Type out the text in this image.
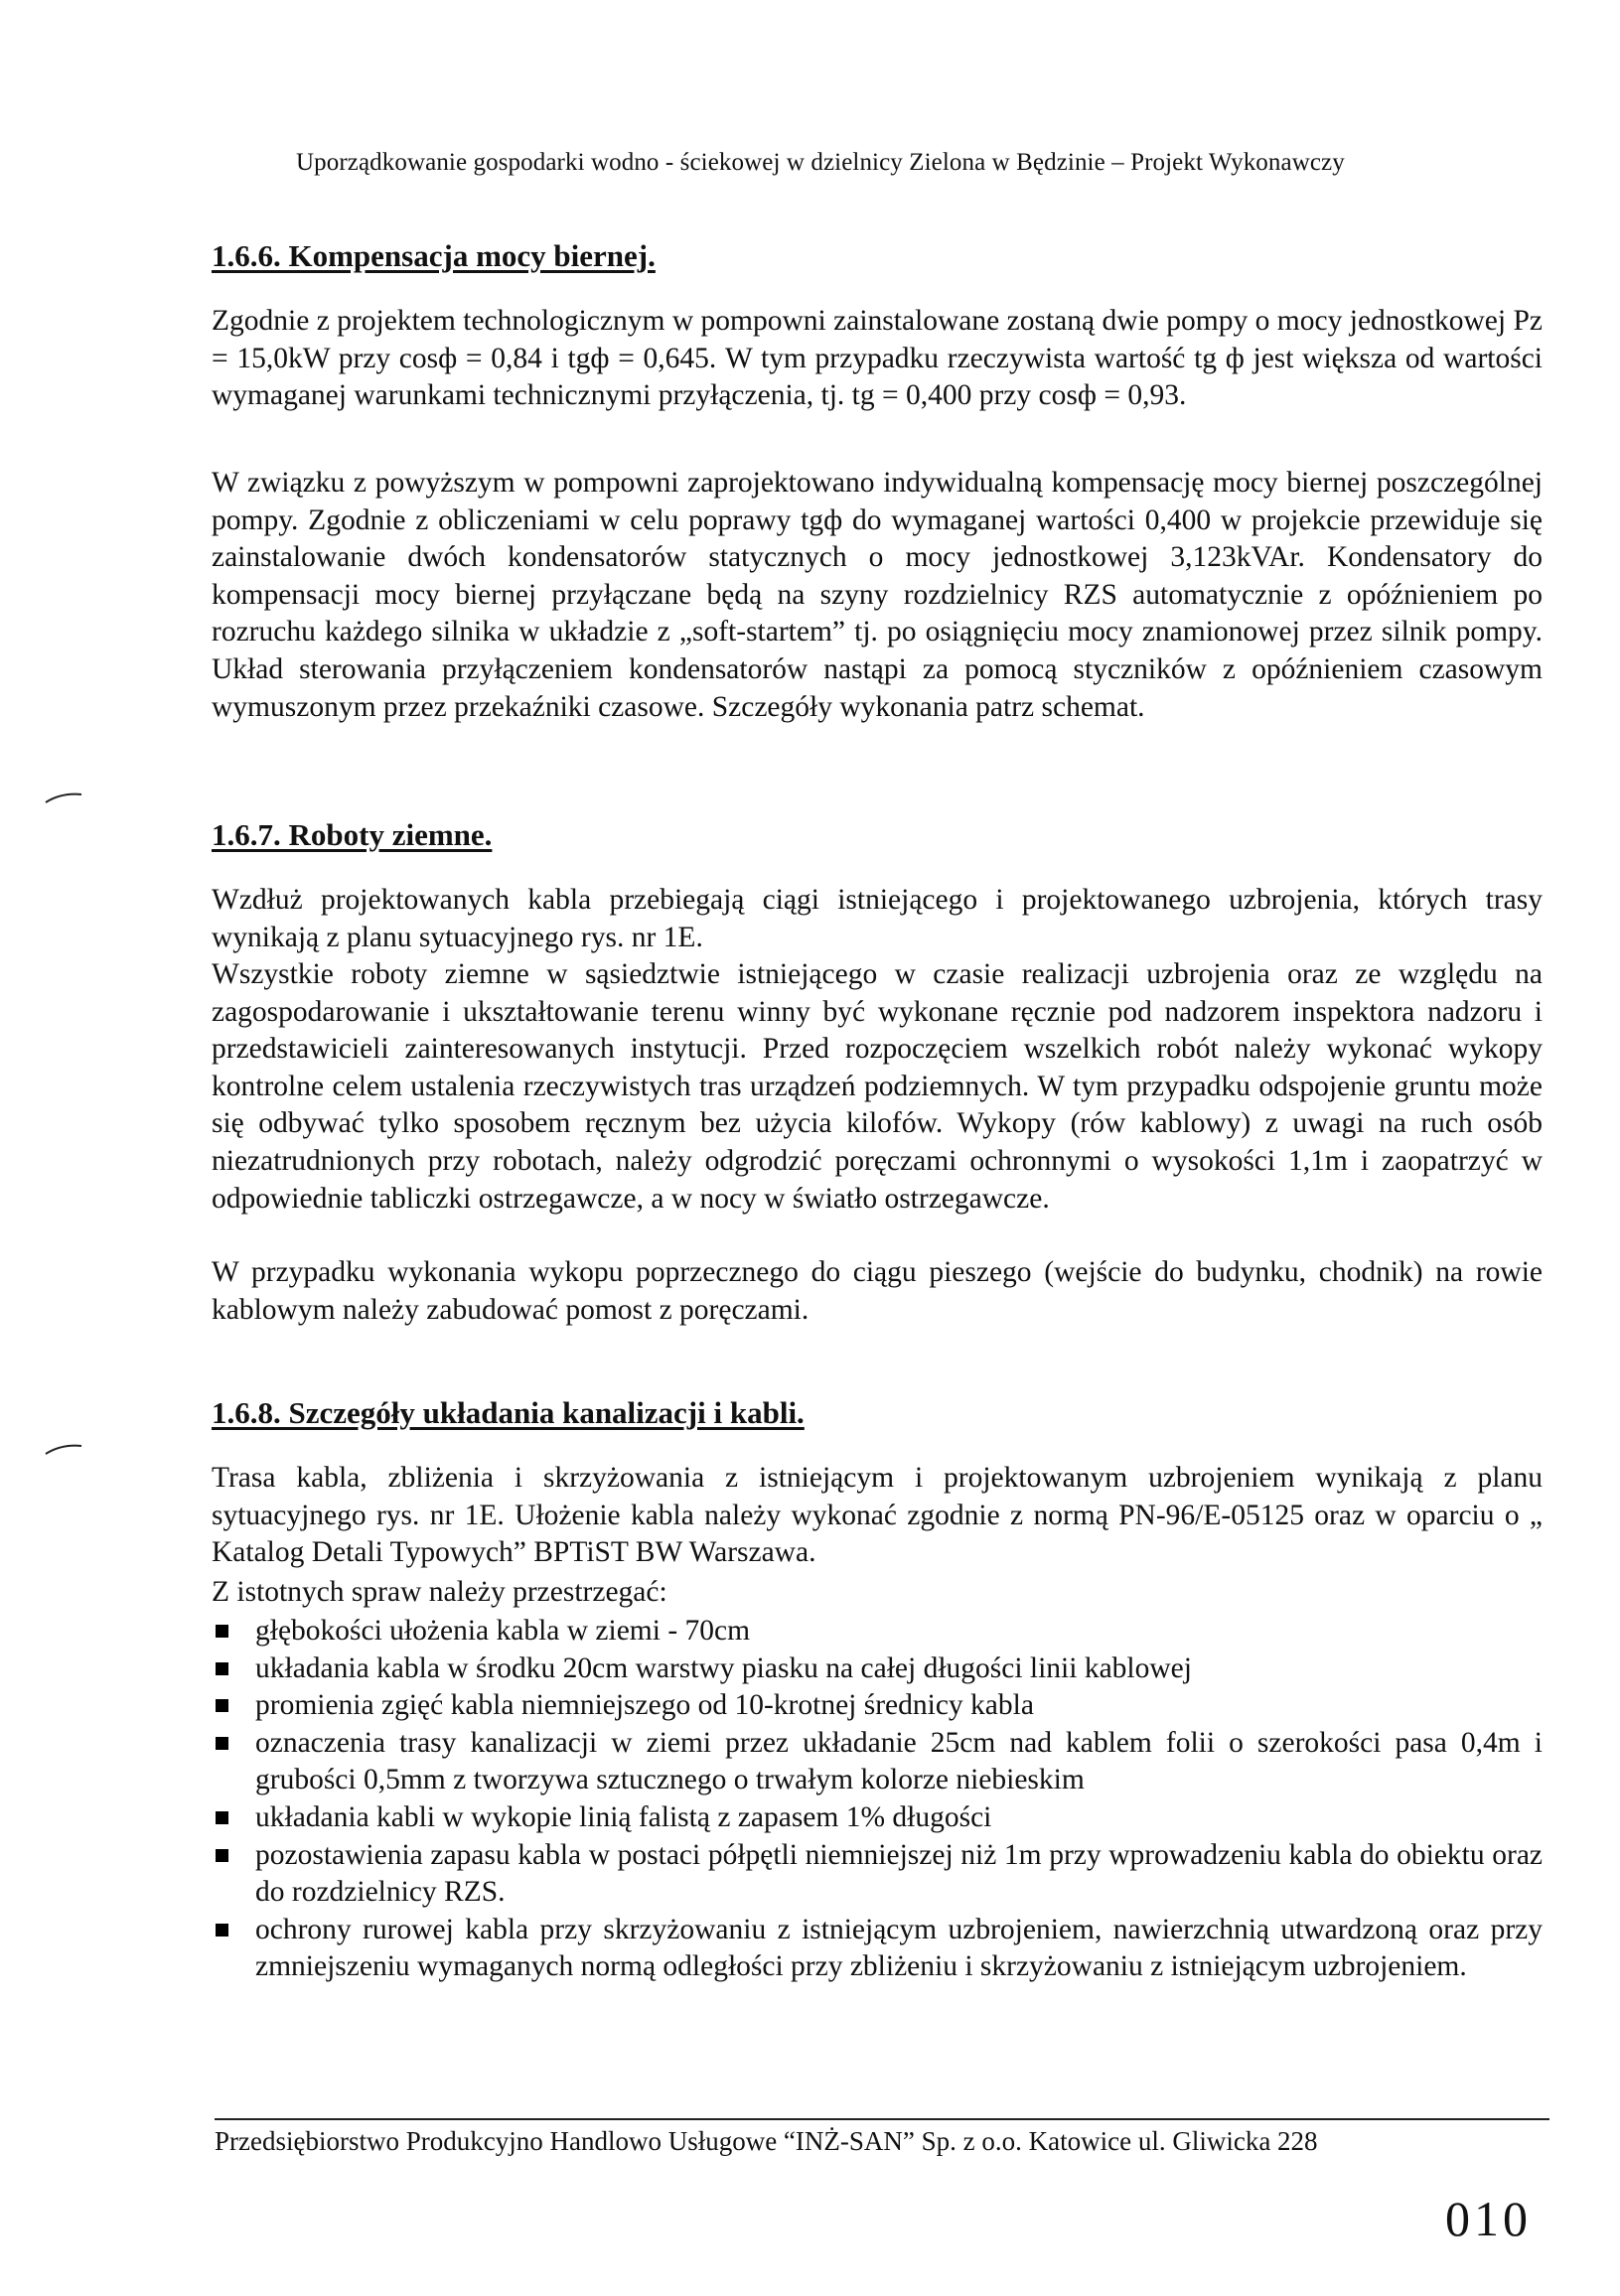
Uporządkowanie gospodarki wodno - ściekowej w dzielnicy Zielona w Będzinie – Projekt Wykonawczy
1.6.6. Kompensacja mocy biernej.
Zgodnie z projektem technologicznym w pompowni zainstalowane zostaną dwie pompy o mocy jednostkowej Pz = 15,0kW przy cosф = 0,84 i tgф = 0,645. W tym przypadku rzeczywista wartość tg ф jest większa od wartości wymaganej warunkami technicznymi przyłączenia, tj. tg = 0,400 przy cosф = 0,93.
W związku z powyższym w pompowni zaprojektowano indywidualną kompensację mocy biernej poszczególnej pompy. Zgodnie z obliczeniami w celu poprawy tgф do wymaganej wartości 0,400 w projekcie przewiduje się zainstalowanie dwóch kondensatorów statycznych o mocy jednostkowej 3,123kVAr. Kondensatory do kompensacji mocy biernej przyłączane będą na szyny rozdzielnicy RZS automatycznie z opóźnieniem po rozruchu każdego silnika w układzie z „soft-startem” tj. po osiągnięciu mocy znamionowej przez silnik pompy. Układ sterowania przyłączeniem kondensatorów nastąpi za pomocą styczników z opóźnieniem czasowym wymuszonym przez przekaźniki czasowe. Szczegóły wykonania patrz schemat.
1.6.7. Roboty ziemne.
Wzdłuż projektowanych kabla przebiegają ciągi istniejącego i projektowanego uzbrojenia, których trasy wynikają z planu sytuacyjnego rys. nr 1E.
Wszystkie roboty ziemne w sąsiedztwie istniejącego w czasie realizacji uzbrojenia oraz ze względu na zagospodarowanie i ukształtowanie terenu winny być wykonane ręcznie pod nadzorem inspektora nadzoru i przedstawicieli zainteresowanych instytucji. Przed rozpoczęciem wszelkich robót należy wykonać wykopy kontrolne celem ustalenia rzeczywistych tras urządzeń podziemnych. W tym przypadku odspojenie gruntu może się odbywać tylko sposobem ręcznym bez użycia kilofów. Wykopy (rów kablowy) z uwagi na ruch osób niezatrudnionych przy robotach, należy odgrodzić poręczami ochronnymi o wysokości 1,1m i zaopatrzyć w odpowiednie tabliczki ostrzegawcze, a w nocy w światło ostrzegawcze.
W przypadku wykonania wykopu poprzecznego do ciągu pieszego (wejście do budynku, chodnik) na rowie kablowym należy zabudować pomost z poręczami.
1.6.8. Szczegóły układania kanalizacji i kabli.
Trasa kabla, zbliżenia i skrzyżowania z istniejącym i projektowanym uzbrojeniem wynikają z planu sytuacyjnego rys. nr 1E. Ułożenie kabla należy wykonać zgodnie z normą PN-96/E-05125 oraz w oparciu o „ Katalog Detali Typowych” BPTiST BW Warszawa.
Z istotnych spraw należy przestrzegać:
głębokości ułożenia kabla w ziemi - 70cm
układania kabla w środku 20cm warstwy piasku na całej długości linii kablowej
promienia zgięć kabla niemniejszego od 10-krotnej średnicy kabla
oznaczenia trasy kanalizacji w ziemi przez układanie 25cm nad kablem folii o szerokości pasa 0,4m i grubości 0,5mm z tworzywa sztucznego o trwałym kolorze niebieskim
układania kabli w wykopie linią falistą z zapasem 1% długości
pozostawienia zapasu kabla w postaci półpętli niemniejszej niż 1m przy wprowadzeniu kabla do obiektu oraz do rozdzielnicy RZS.
ochrony rurowej kabla przy skrzyżowaniu z istniejącym uzbrojeniem, nawierzchnią utwardzoną oraz przy zmniejszeniu wymaganych normą odległości przy zbliżeniu i skrzyżowaniu z istniejącym uzbrojeniem.
Przedsiębiorstwo Produkcyjno Handlowo Usługowe “INŻ-SAN” Sp. z o.o. Katowice ul. Gliwicka 228
010
